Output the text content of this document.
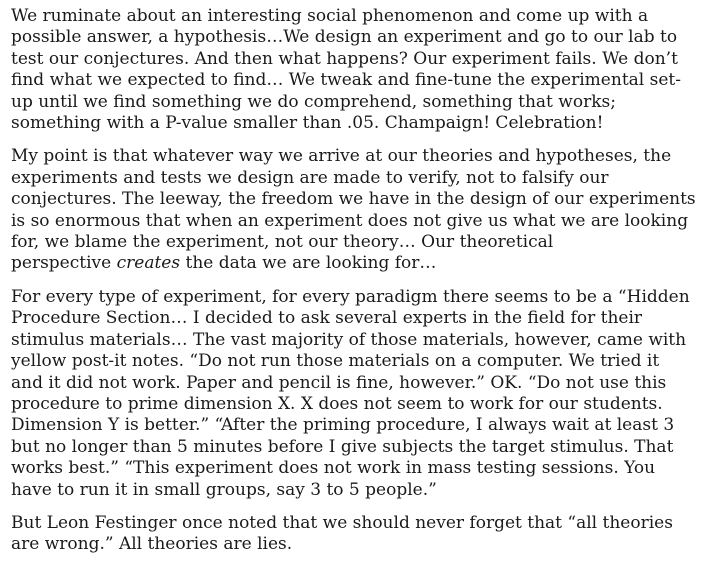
We ruminate about an interesting social phenomenon and come up with a
possible answer, a hypothesis…We design an experiment and go to our lab to
test our conjectures. And then what happens? Our experiment fails. We don’t
find what we expected to find… We tweak and fine-tune the experimental set-
up until we find something we do comprehend, something that works;
something with a P-value smaller than .05. Champaign! Celebration!
My point is that whatever way we arrive at our theories and hypotheses, the
experiments and tests we design are made to verify, not to falsify our
conjectures. The leeway, the freedom we have in the design of our experiments
is so enormous that when an experiment does not give us what we are looking
for, we blame the experiment, not our theory… Our theoretical
perspective creates the data we are looking for…
For every type of experiment, for every paradigm there seems to be a “Hidden
Procedure Section… I decided to ask several experts in the field for their
stimulus materials… The vast majority of those materials, however, came with
yellow post-it notes. “Do not run those materials on a computer. We tried it
and it did not work. Paper and pencil is fine, however.” OK. “Do not use this
procedure to prime dimension X. X does not seem to work for our students.
Dimension Y is better.” “After the priming procedure, I always wait at least 3
but no longer than 5 minutes before I give subjects the target stimulus. That
works best.” “This experiment does not work in mass testing sessions. You
have to run it in small groups, say 3 to 5 people.”
But Leon Festinger once noted that we should never forget that “all theories
are wrong.” All theories are lies.
